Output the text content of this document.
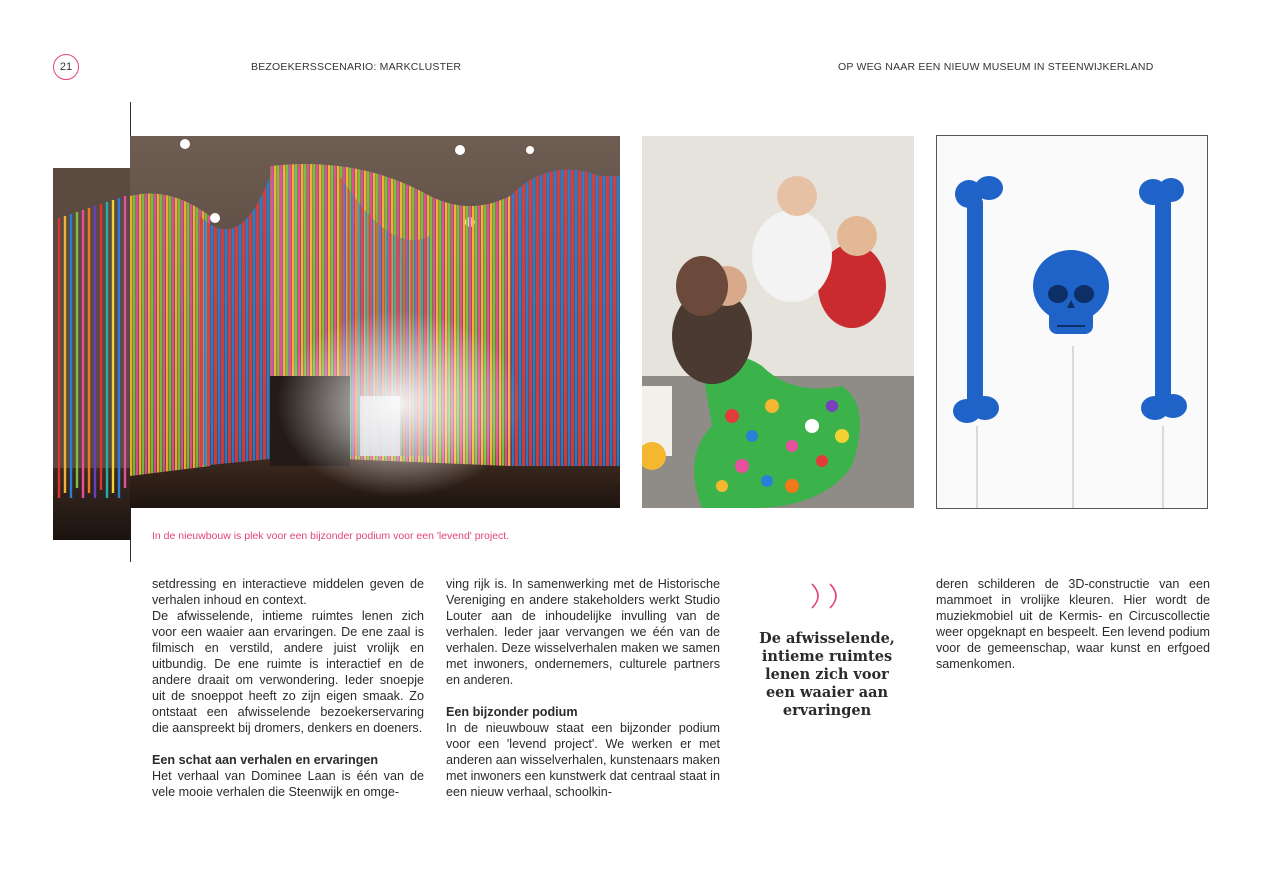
21	BEZOEKERSSCENARIO: MARKCLUSTER	OP WEG NAAR EEN NIEUW MUSEUM IN STEENWIJKERLAND
In de nieuwbouw is plek voor een bijzonder podium voor een 'levend' project.

setdressing en interactieve middelen geven de verhalen inhoud en context.

De afwisselende, intieme ruimtes lenen zich voor een waaier aan ervaringen. De ene zaal is filmisch en verstild, andere juist vrolijk en uitbundig. De ene ruimte is interactief en de andere draait om verwondering. Ieder snoepje uit de snoeppot heeft zo zijn eigen smaak. Zo ontstaat een afwisselende bezoekerservaring die aanspreekt bij dromers, denkers en doeners.

Een schat aan verhalen en ervaringen

Het verhaal van Dominee Laan is één van de vele mooie verhalen die Steenwijk en omge-

ving rijk is. In samenwerking met de Historische Vereniging en andere stakeholders werkt Studio Louter aan de inhoudelijke invulling van de verhalen. Ieder jaar vervangen we één van de verhalen. Deze wisselverhalen maken we samen met inwoners, ondernemers, culturele partners en anderen.

Een bijzonder podium

In de nieuwbouw staat een bijzonder podium voor een 'levend project'. We werken er met anderen aan wisselverhalen, kunstenaars maken met inwoners een kunstwerk dat centraal staat in een nieuw verhaal, schoolkin-

De afwisselende, intieme ruimtes lenen zich voor een waaier aan ervaringen

deren schilderen de 3D-constructie van een mammoet in vrolijke kleuren. Hier wordt de muziekmobiel uit de Kermis- en Circuscollectie weer opgeknapt en bespeelt. Een levend podium voor de gemeenschap, waar kunst en erfgoed samenkomen.
